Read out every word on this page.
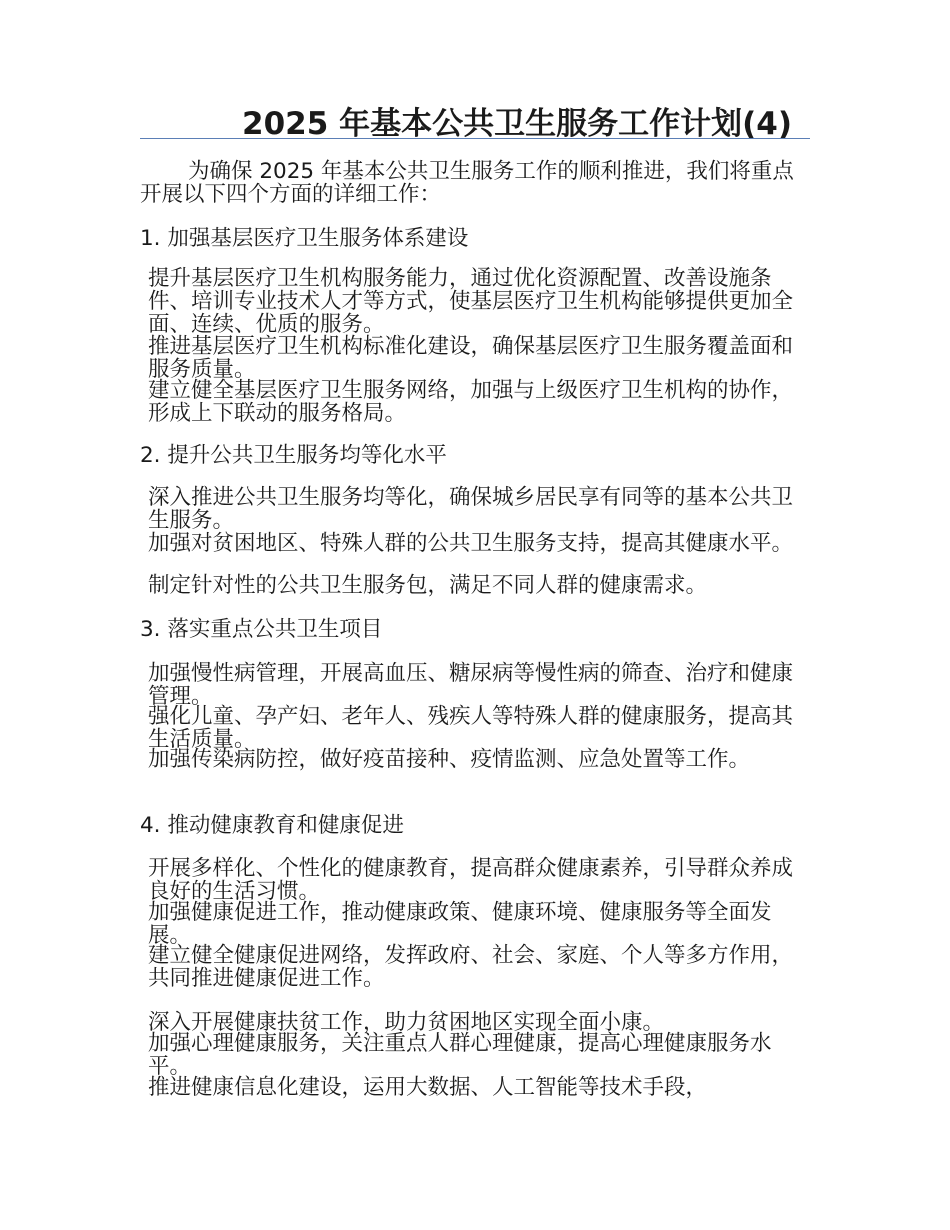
2025 年基本公共卫生服务工作计划(4)

为确保 2025 年基本公共卫生服务工作的顺利推进，我们将重点开展以下四个方面的详细工作：

1. 加强基层医疗卫生服务体系建设

提升基层医疗卫生机构服务能力，通过优化资源配置、改善设施条件、培训专业技术人才等方式，使基层医疗卫生机构能够提供更加全面、连续、优质的服务。

推进基层医疗卫生机构标准化建设，确保基层医疗卫生服务覆盖面和服务质量。

建立健全基层医疗卫生服务网络，加强与上级医疗卫生机构的协作，形成上下联动的服务格局。

2. 提升公共卫生服务均等化水平

深入推进公共卫生服务均等化，确保城乡居民享有同等的基本公共卫生服务。

加强对贫困地区、特殊人群的公共卫生服务支持，提高其健康水平。

制定针对性的公共卫生服务包，满足不同人群的健康需求。

3. 落实重点公共卫生项目

加强慢性病管理，开展高血压、糖尿病等慢性病的筛查、治疗和健康管理。

强化儿童、孕产妇、老年人、残疾人等特殊人群的健康服务，提高其生活质量。

加强传染病防控，做好疫苗接种、疫情监测、应急处置等工作。

4. 推动健康教育和健康促进

开展多样化、个性化的健康教育，提高群众健康素养，引导群众养成良好的生活习惯。

加强健康促进工作，推动健康政策、健康环境、健康服务等全面发展。

建立健全健康促进网络，发挥政府、社会、家庭、个人等多方作用，共同推进健康促进工作。

深入开展健康扶贫工作，助力贫困地区实现全面小康。

加强心理健康服务，关注重点人群心理健康，提高心理健康服务水平。

推进健康信息化建设，运用大数据、人工智能等技术手段，
